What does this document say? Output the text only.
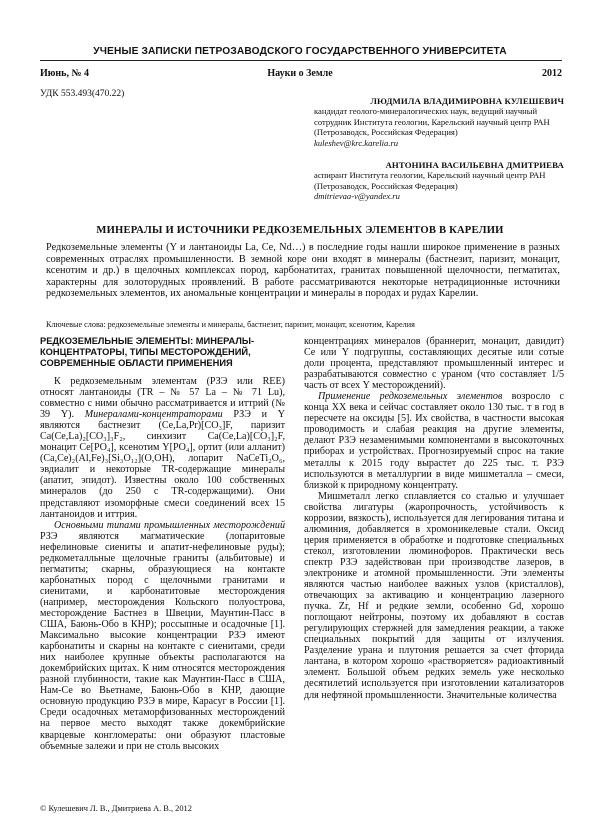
УЧЕНЫЕ ЗАПИСКИ ПЕТРОЗАВОДСКОГО ГОСУДАРСТВЕННОГО УНИВЕРСИТЕТА
Июнь, № 4	Науки о Земле	2012
УДК 553.493(470.22)
ЛЮДМИЛА ВЛАДИМИРОВНА КУЛЕШЕВИЧ
кандидат геолого-минералогических наук, ведущий научный сотрудник Института геологии, Карельский научный центр РАН (Петрозаводск, Российская Федерация)
kuleshev@krc.karelia.ru
АНТОНИНА ВАСИЛЬЕВНА ДМИТРИЕВА
аспирант Института геологии, Карельский научный центр РАН (Петрозаводск, Российская Федерация)
dmitrievaa-v@yandex.ru
МИНЕРАЛЫ И ИСТОЧНИКИ РЕДКОЗЕМЕЛЬНЫХ ЭЛЕМЕНТОВ В КАРЕЛИИ
Редкоземельные элементы (Y и лантаноиды La, Ce, Nd…) в последние годы нашли широкое применение в разных современных отраслях промышленности. В земной коре они входят в минералы (бастнезит, паризит, монацит, ксенотим и др.) в щелочных комплексах пород, карбонатитах, гранитах повышенной щелочности, пегматитах, характерны для золоторудных проявлений. В работе рассматриваются некоторые нетрадиционные источники редкоземельных элементов, их аномальные концентрации и минералы в породах и рудах Карелии.
Ключевые слова: редкоземельные элементы и минералы, бастнезит, паризит, монацит, ксенотим, Карелия
РЕДКОЗЕМЕЛЬНЫЕ ЭЛЕМЕНТЫ: МИНЕРАЛЫ-КОНЦЕНТРАТОРЫ, ТИПЫ МЕСТОРОЖДЕНИЙ, СОВРЕМЕННЫЕ ОБЛАСТИ ПРИМЕНЕНИЯ

К редкоземельным элементам (РЗЭ или REE) относят лантаноиды (TR – № 57 La – № 71 Lu), совместно с ними обычно рассматривается и иттрий (№ 39 Y). Минералами-концентраторами РЗЭ и Y являются бастнезит (Ce,La,Pr)[CO₃]F, паризит Ca(Ce,La)₂[CO₃]₃F₂, синхизит Ca(Ce,La)[CO₃]₂F, монацит Ce[PO₄], ксенотим Y[PO₄], ортит (или алланит) (Ca,Ce)₂(Al,Fe)₃[Si₃O₁₂](O,OH), лопарит NaCeTi₂O₆, эвдиалит и некоторые TR-содержащие минералы (апатит, эпидот). Известны около 100 собственных минералов (до 250 с TR-содержащими). Они представляют изоморфные смеси соединений всех 15 лантаноидов и иттрия.

Основными типами промышленных месторождений РЗЭ являются магматические (лопаритовые нефелиновые сиениты и апатит-нефелиновые руды); редкометалльные щелочные граниты (альбитовые) и пегматиты; скарны, образующиеся на контакте карбонатных пород с щелочными гранитами и сиенитами, и карбонатитовые месторождения (например, месторождения Кольского полуострова, месторождение Бастнез в Швеции, Маунтин-Пасс в США, Баюнь-Обо в КНР); россыпные и осадочные [1]. Максимально высокие концентрации РЗЭ имеют карбонатиты и скарны на контакте с сиенитами, среди них наиболее крупные объекты располагаются на докембрийских щитах. К ним относятся месторождения разной глубинности, такие как Маунтин-Пасс в США, Нам-Се во Вьетнаме, Баюнь-Обо в КНР, дающие основную продукцию РЗЭ в мире, Карасуг в России [1]. Среди осадочных метаморфизованных месторождений на первое место выходят также докембрийские кварцевые конгломераты: они образуют пластовые объемные залежи и при не столь высоких

концентрациях минералов (браннерит, монацит, давидит) Ce или Y подгруппы, составляющих десятые или сотые доли процента, представляют промышленный интерес и разрабатываются совместно с ураном (что составляет 1/5 часть от всех Y месторождений).

Применение редкоземельных элементов возросло с конца XX века и сейчас составляет около 130 тыс. т в год в пересчете на оксиды [5]. Их свойства, в частности высокая проводимость и слабая реакция на другие элементы, делают РЗЭ незаменимыми компонентами в высокоточных приборах и устройствах. Прогнозируемый спрос на такие металлы к 2015 году вырастет до 225 тыс. т. РЗЭ используются в металлургии в виде мишметалла – смеси, близкой к природному концентрату.

Мишметалл легко сплавляется со сталью и улучшает свойства лигатуры (жаропрочность, устойчивость к коррозии, вязкость), используется для легирования титана и алюминия, добавляется в хромоникелевые стали. Оксид церия применяется в обработке и подготовке специальных стекол, изготовлении люминофоров. Практически весь спектр РЗЭ задействован при производстве лазеров, в электронике и атомной промышленности. Эти элементы являются частью наиболее важных узлов (кристаллов), отвечающих за активацию и концентрацию лазерного пучка. Zr, Hf и редкие земли, особенно Gd, хорошо поглощают нейтроны, поэтому их добавляют в состав регулирующих стержней для замедления реакции, а также специальных покрытий для защиты от излучения. Разделение урана и плутония решается за счет фторида лантана, в котором хорошо «растворяется» радиоактивный элемент. Большой объем редких земель уже несколько десятилетий используется при изготовлении катализаторов для нефтяной промышленности. Значительные количества

© Кулешевич Л. В., Дмитриева А. В., 2012
